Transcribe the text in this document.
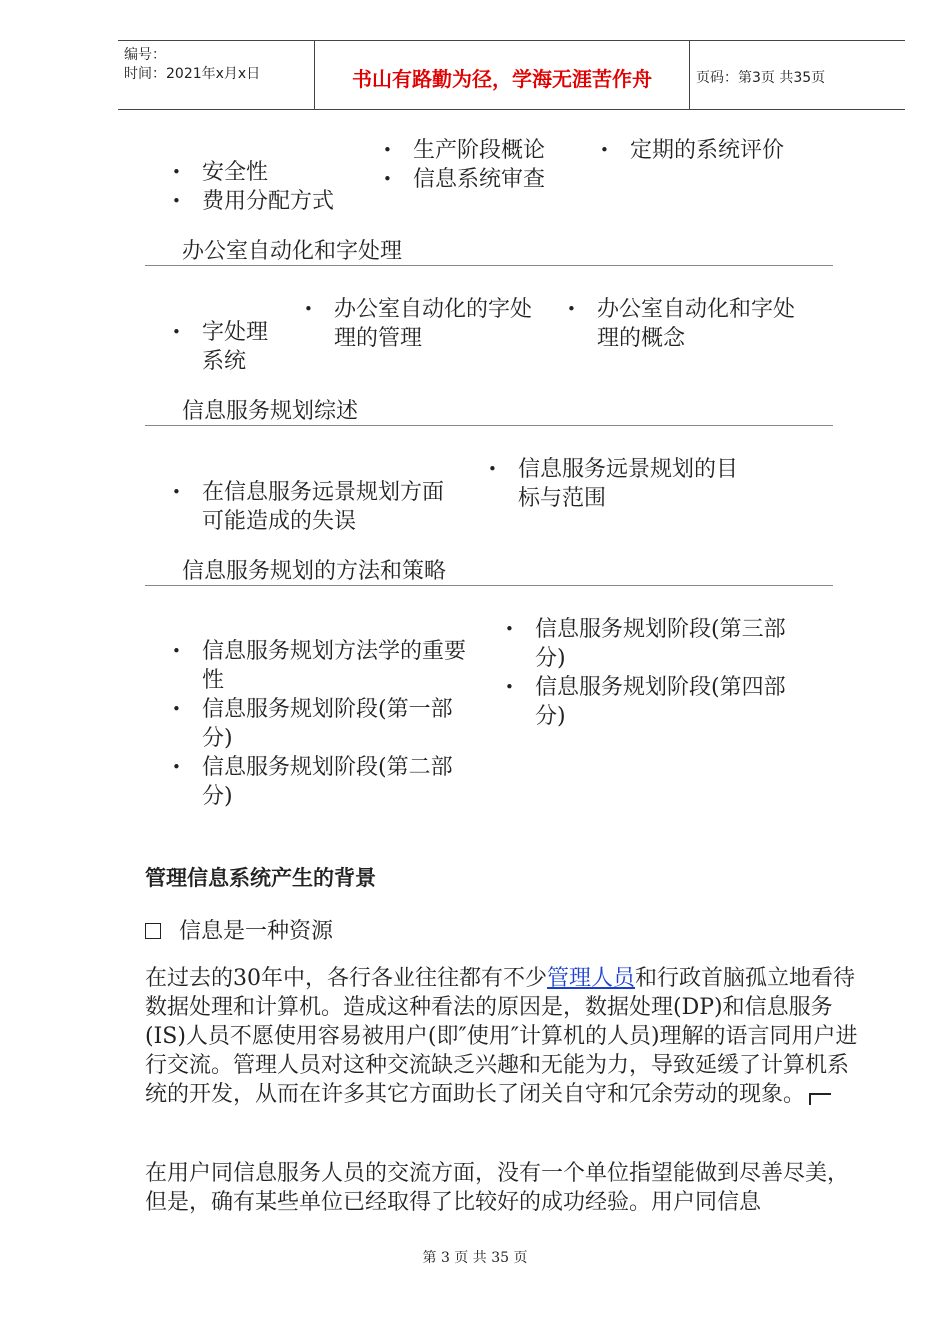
编号：
时间：2021年x月x日	书山有路勤为径，学海无涯苦作舟	页码：第3页 共35页
• 安全性
• 费用分配方式
• 生产阶段概论
• 信息系统审查
• 定期的系统评价
办公室自动化和字处理
• 字处理系统
• 办公室自动化的字处理的管理
• 办公室自动化和字处理的概念
信息服务规划综述
• 在信息服务远景规划方面可能造成的失误
• 信息服务远景规划的目标与范围
信息服务规划的方法和策略
• 信息服务规划方法学的重要性
• 信息服务规划阶段(第一部分)
• 信息服务规划阶段(第二部分)
• 信息服务规划阶段(第三部分)
• 信息服务规划阶段(第四部分)
管理信息系统产生的背景
信息是一种资源
在过去的30年中，各行各业往往都有不少管理人员和行政首脑孤立地看待数据处理和计算机。造成这种看法的原因是，数据处理(DP)和信息服务(IS)人员不愿使用容易被用户(即″使用″计算机的人员)理解的语言同用户进行交流。管理人员对这种交流缺乏兴趣和无能为力，导致延缓了计算机系统的开发，从而在许多其它方面助长了闭关自守和冗余劳动的现象。
在用户同信息服务人员的交流方面，没有一个单位指望能做到尽善尽美，但是，确有某些单位已经取得了比较好的成功经验。用户同信息
第 3 页 共 35 页
